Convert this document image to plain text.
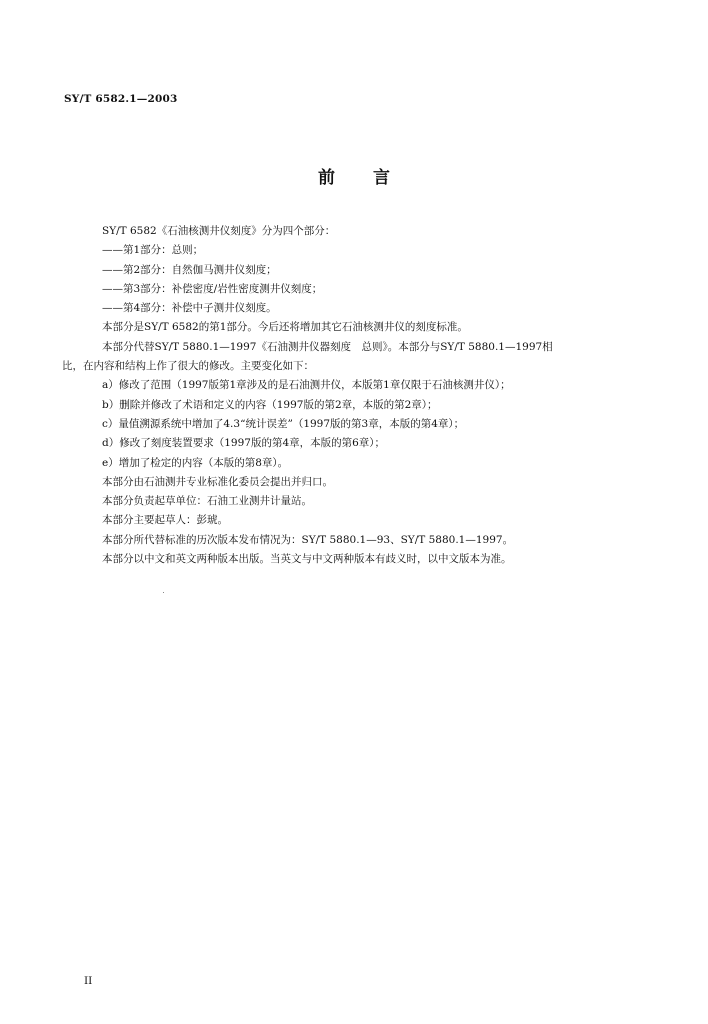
SY/T 6582.1—2003
前言
SY/T 6582《石油核测井仪刻度》分为四个部分：
——第1部分：总则；
——第2部分：自然伽马测井仪刻度；
——第3部分：补偿密度/岩性密度测井仪刻度；
——第4部分：补偿中子测井仪刻度。
本部分是SY/T 6582的第1部分。今后还将增加其它石油核测井仪的刻度标准。
本部分代替SY/T 5880.1—1997《石油测井仪器刻度　总则》。本部分与SY/T 5880.1—1997相
比，在内容和结构上作了很大的修改。主要变化如下：
a）修改了范围（1997版第1章涉及的是石油测井仪，本版第1章仅限于石油核测井仪）；
b）删除并修改了术语和定义的内容（1997版的第2章，本版的第2章）；
c）量值溯源系统中增加了4.3“统计误差”（1997版的第3章，本版的第4章）；
d）修改了刻度装置要求（1997版的第4章，本版的第6章）；
e）增加了检定的内容（本版的第8章）。
本部分由石油测井专业标准化委员会提出并归口。
本部分负责起草单位：石油工业测井计量站。
本部分主要起草人：彭琥。
本部分所代替标准的历次版本发布情况为：SY/T 5880.1—93、SY/T 5880.1—1997。
本部分以中文和英文两种版本出版。当英文与中文两种版本有歧义时，以中文版本为准。
II
